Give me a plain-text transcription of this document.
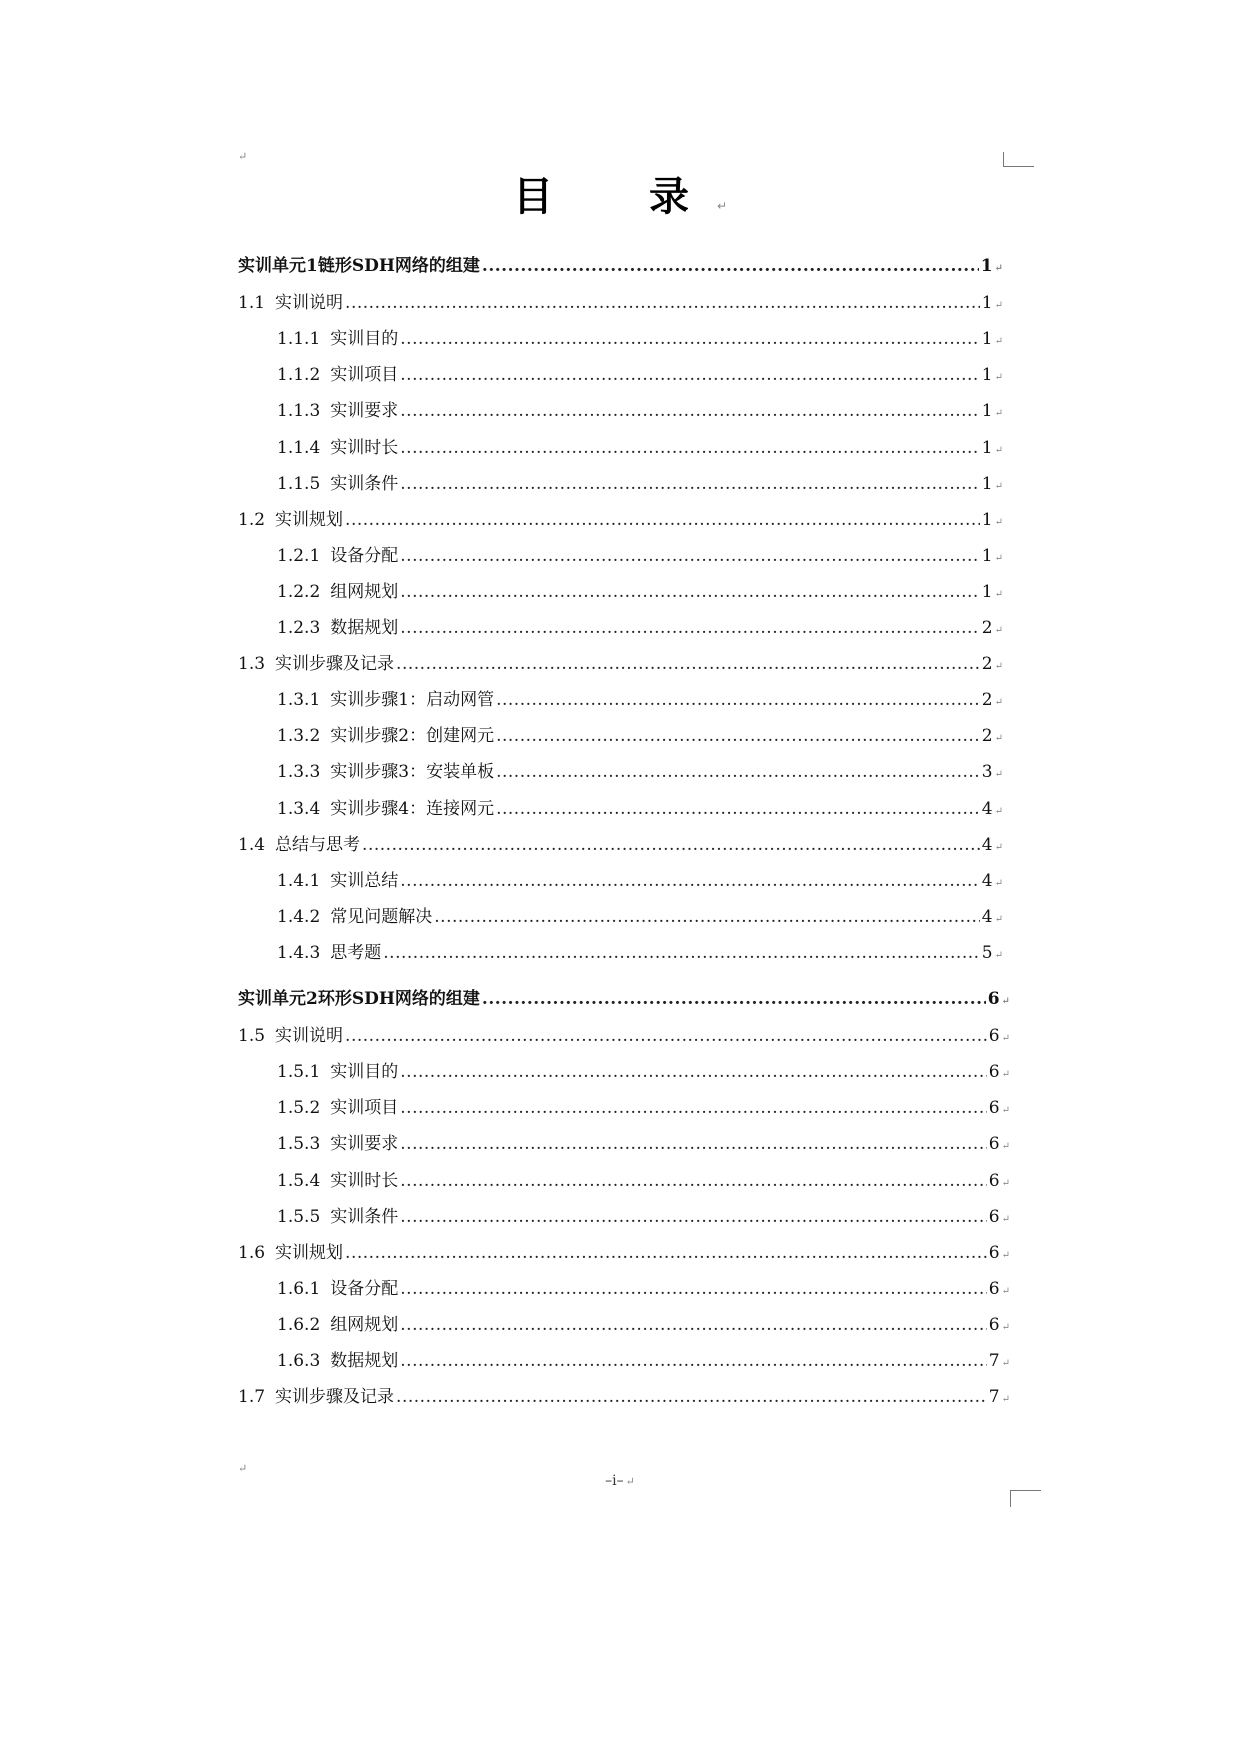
↵
目　录↵
实训单元1链形SDH网络的组建 .....	1 ↵
1.1 实训说明 .....	1 ↵
1.1.1 实训目的 .....	1 ↵
1.1.2 实训项目 .....	1 ↵
1.1.3 实训要求 .....	1 ↵
1.1.4 实训时长 .....	1 ↵
1.1.5 实训条件 .....	1 ↵
1.2 实训规划 .....	1 ↵
1.2.1 设备分配 .....	1 ↵
1.2.2 组网规划 .....	1 ↵
1.2.3 数据规划 .....	2 ↵
1.3 实训步骤及记录 .....	2 ↵
1.3.1 实训步骤1：启动网管 .....	2 ↵
1.3.2 实训步骤2：创建网元 .....	2 ↵
1.3.3 实训步骤3：安装单板 .....	3 ↵
1.3.4 实训步骤4：连接网元 .....	4 ↵
1.4 总结与思考 .....	4 ↵
1.4.1 实训总结 .....	4 ↵
1.4.2 常见问题解决 .....	4 ↵
1.4.3 思考题 .....	5 ↵
实训单元2环形SDH网络的组建 .....	6 ↵
1.5 实训说明 .....	6 ↵
1.5.1 实训目的 .....	6 ↵
1.5.2 实训项目 .....	6 ↵
1.5.3 实训要求 .....	6 ↵
1.5.4 实训时长 .....	6 ↵
1.5.5 实训条件 .....	6 ↵
1.6 实训规划 .....	6 ↵
1.6.1 设备分配 .....	6 ↵
1.6.2 组网规划 .....	6 ↵
1.6.3 数据规划 .....	7 ↵
1.7 实训步骤及记录 .....	7 ↵
↵
–i– ↵
